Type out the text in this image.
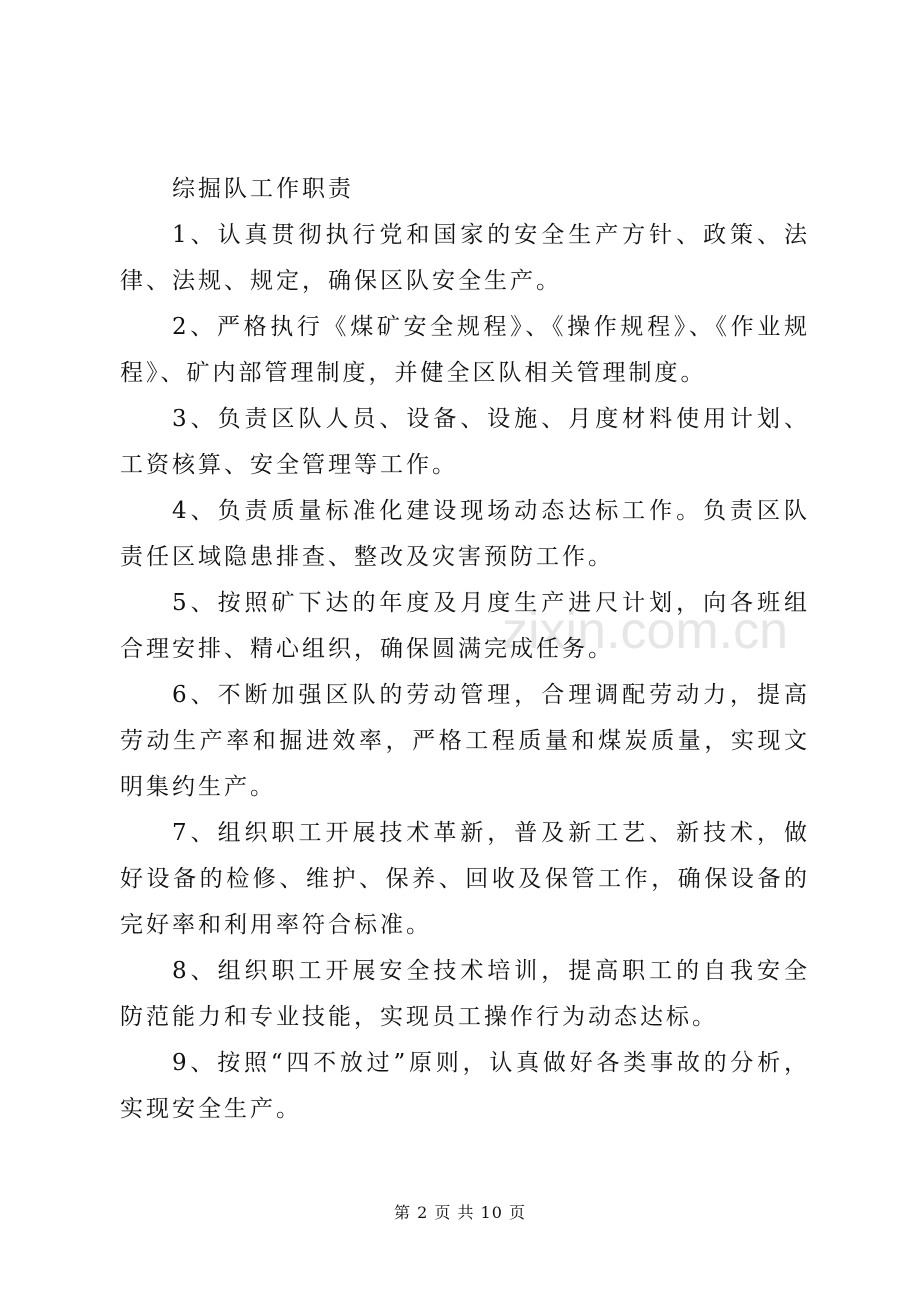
zixin.com.cn
综掘队工作职责

1、认真贯彻执行党和国家的安全生产方针、政策、法律、法规、规定，确保区队安全生产。

2、严格执行《煤矿安全规程》、《操作规程》、《作业规程》、矿内部管理制度，并健全区队相关管理制度。

3、负责区队人员、设备、设施、月度材料使用计划、工资核算、安全管理等工作。

4、负责质量标准化建设现场动态达标工作。负责区队责任区域隐患排查、整改及灾害预防工作。

5、按照矿下达的年度及月度生产进尺计划，向各班组合理安排、精心组织，确保圆满完成任务。

6、不断加强区队的劳动管理，合理调配劳动力，提高劳动生产率和掘进效率，严格工程质量和煤炭质量，实现文明集约生产。

7、组织职工开展技术革新，普及新工艺、新技术，做好设备的检修、维护、保养、回收及保管工作，确保设备的完好率和利用率符合标准。

8、组织职工开展安全技术培训，提高职工的自我安全防范能力和专业技能，实现员工操作行为动态达标。

9、按照“四不放过”原则，认真做好各类事故的分析，实现安全生产。

第 2 页 共 10 页
